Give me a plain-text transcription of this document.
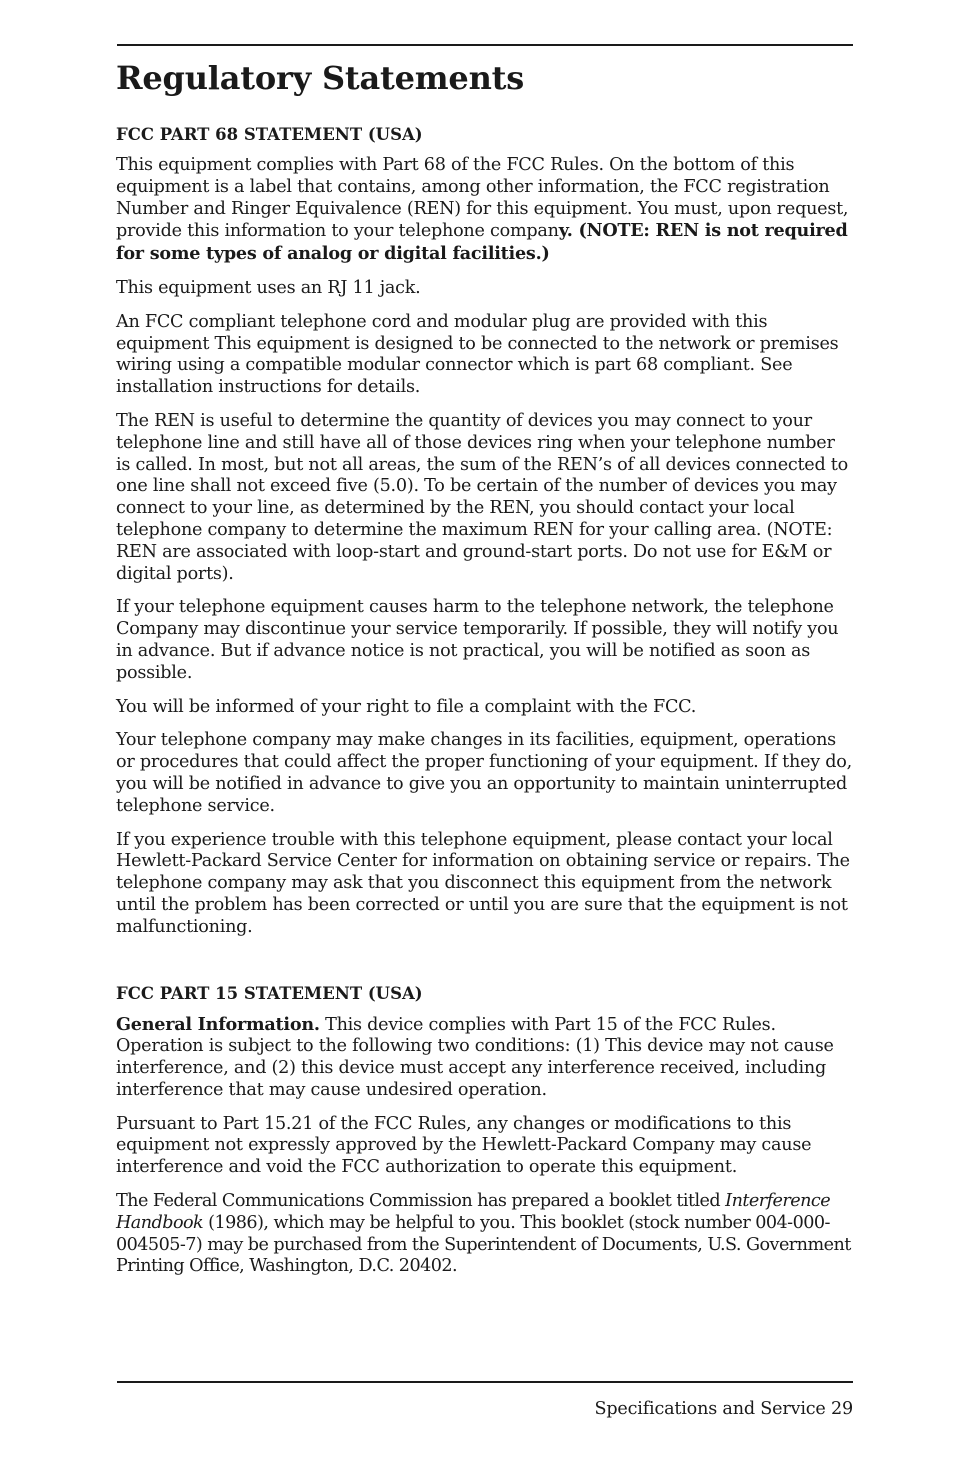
Regulatory Statements
FCC PART 68 STATEMENT (USA)

This equipment complies with Part 68 of the FCC Rules. On the bottom of this equipment is a label that contains, among other information, the FCC registration Number and Ringer Equivalence (REN) for this equipment. You must, upon request, provide this information to your telephone company. (NOTE: REN is not required for some types of analog or digital facilities.)

This equipment uses an RJ 11 jack.

An FCC compliant telephone cord and modular plug are provided with this equipment This equipment is designed to be connected to the network or premises wiring using a compatible modular connector which is part 68 compliant. See installation instructions for details.

The REN is useful to determine the quantity of devices you may connect to your telephone line and still have all of those devices ring when your telephone number is called. In most, but not all areas, the sum of the REN’s of all devices connected to one line shall not exceed five (5.0). To be certain of the number of devices you may connect to your line, as determined by the REN, you should contact your local telephone company to determine the maximum REN for your calling area. (NOTE: REN are associated with loop-start and ground-start ports. Do not use for E&M or digital ports).

If your telephone equipment causes harm to the telephone network, the telephone Company may discontinue your service temporarily. If possible, they will notify you in advance. But if advance notice is not practical, you will be notified as soon as possible.

You will be informed of your right to file a complaint with the FCC.

Your telephone company may make changes in its facilities, equipment, operations or procedures that could affect the proper functioning of your equipment. If they do, you will be notified in advance to give you an opportunity to maintain uninterrupted telephone service.

If you experience trouble with this telephone equipment, please contact your local Hewlett-Packard Service Center for information on obtaining service or repairs. The telephone company may ask that you disconnect this equipment from the network until the problem has been corrected or until you are sure that the equipment is not malfunctioning.

FCC PART 15 STATEMENT (USA)

General Information. This device complies with Part 15 of the FCC Rules. Operation is subject to the following two conditions: (1) This device may not cause interference, and (2) this device must accept any interference received, including interference that may cause undesired operation.

Pursuant to Part 15.21 of the FCC Rules, any changes or modifications to this equipment not expressly approved by the Hewlett-Packard Company may cause interference and void the FCC authorization to operate this equipment.

The Federal Communications Commission has prepared a booklet titled Interference Handbook (1986), which may be helpful to you. This booklet (stock number 004-000-004505-7) may be purchased from the Superintendent of Documents, U.S. Government Printing Office, Washington, D.C. 20402.

Specifications and Service 29
